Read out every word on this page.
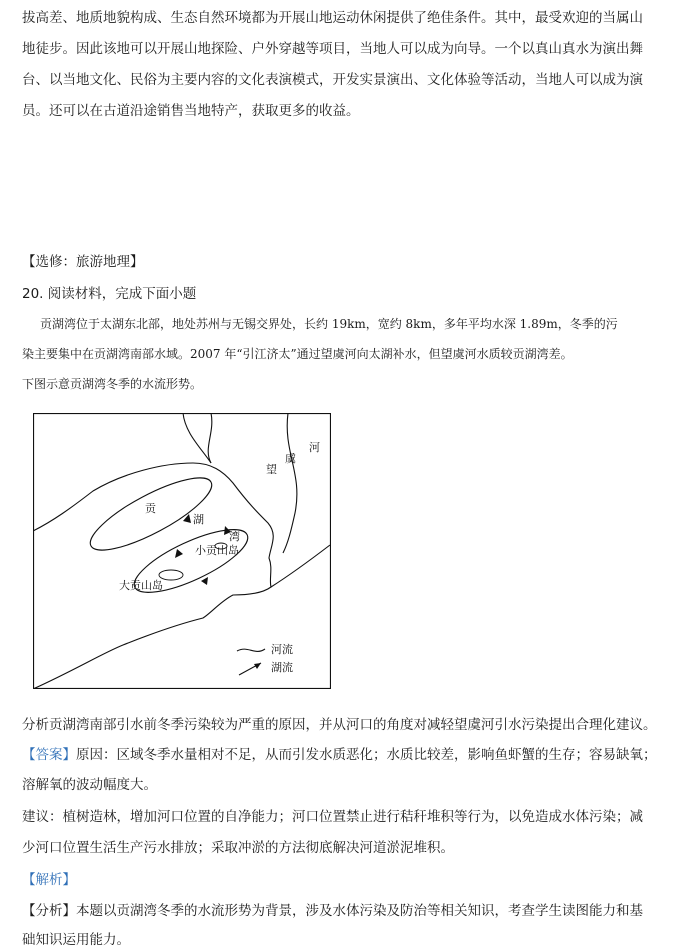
拔高差、地质地貌构成、生态自然环境都为开展山地运动休闲提供了绝佳条件。其中，最受欢迎的当属山
地徒步。因此该地可以开展山地探险、户外穿越等项目，当地人可以成为向导。一个以真山真水为演出舞
台、以当地文化、民俗为主要内容的文化表演模式，开发实景演出、文化体验等活动，当地人可以成为演
员。还可以在古道沿途销售当地特产，获取更多的收益。
【选修：旅游地理】
20. 阅读材料，完成下面小题
贡湖湾位于太湖东北部，地处苏州与无锡交界处，长约 19km，宽约 8km，多年平均水深 1.89m，冬季的污
染主要集中在贡湖湾南部水域。2007 年“引江济太”通过望虞河向太湖补水，但望虞河水质较贡湖湾差。
下图示意贡湖湾冬季的水流形势。
河
虞
望
贡
湖
湾
小贡山岛
大贡山岛
河流
湖流
分析贡湖湾南部引水前冬季污染较为严重的原因，并从河口的角度对减轻望虞河引水污染提出合理化建议。
【答案】原因：区域冬季水量相对不足，从而引发水质恶化；水质比较差，影响鱼虾蟹的生存；容易缺氧；
溶解氧的波动幅度大。
建议：植树造林，增加河口位置的自净能力；河口位置禁止进行秸秆堆积等行为，以免造成水体污染；减
少河口位置生活生产污水排放；采取冲淤的方法彻底解决河道淤泥堆积。
【解析】
【分析】本题以贡湖湾冬季的水流形势为背景，涉及水体污染及防治等相关知识，考查学生读图能力和基
础知识运用能力。
